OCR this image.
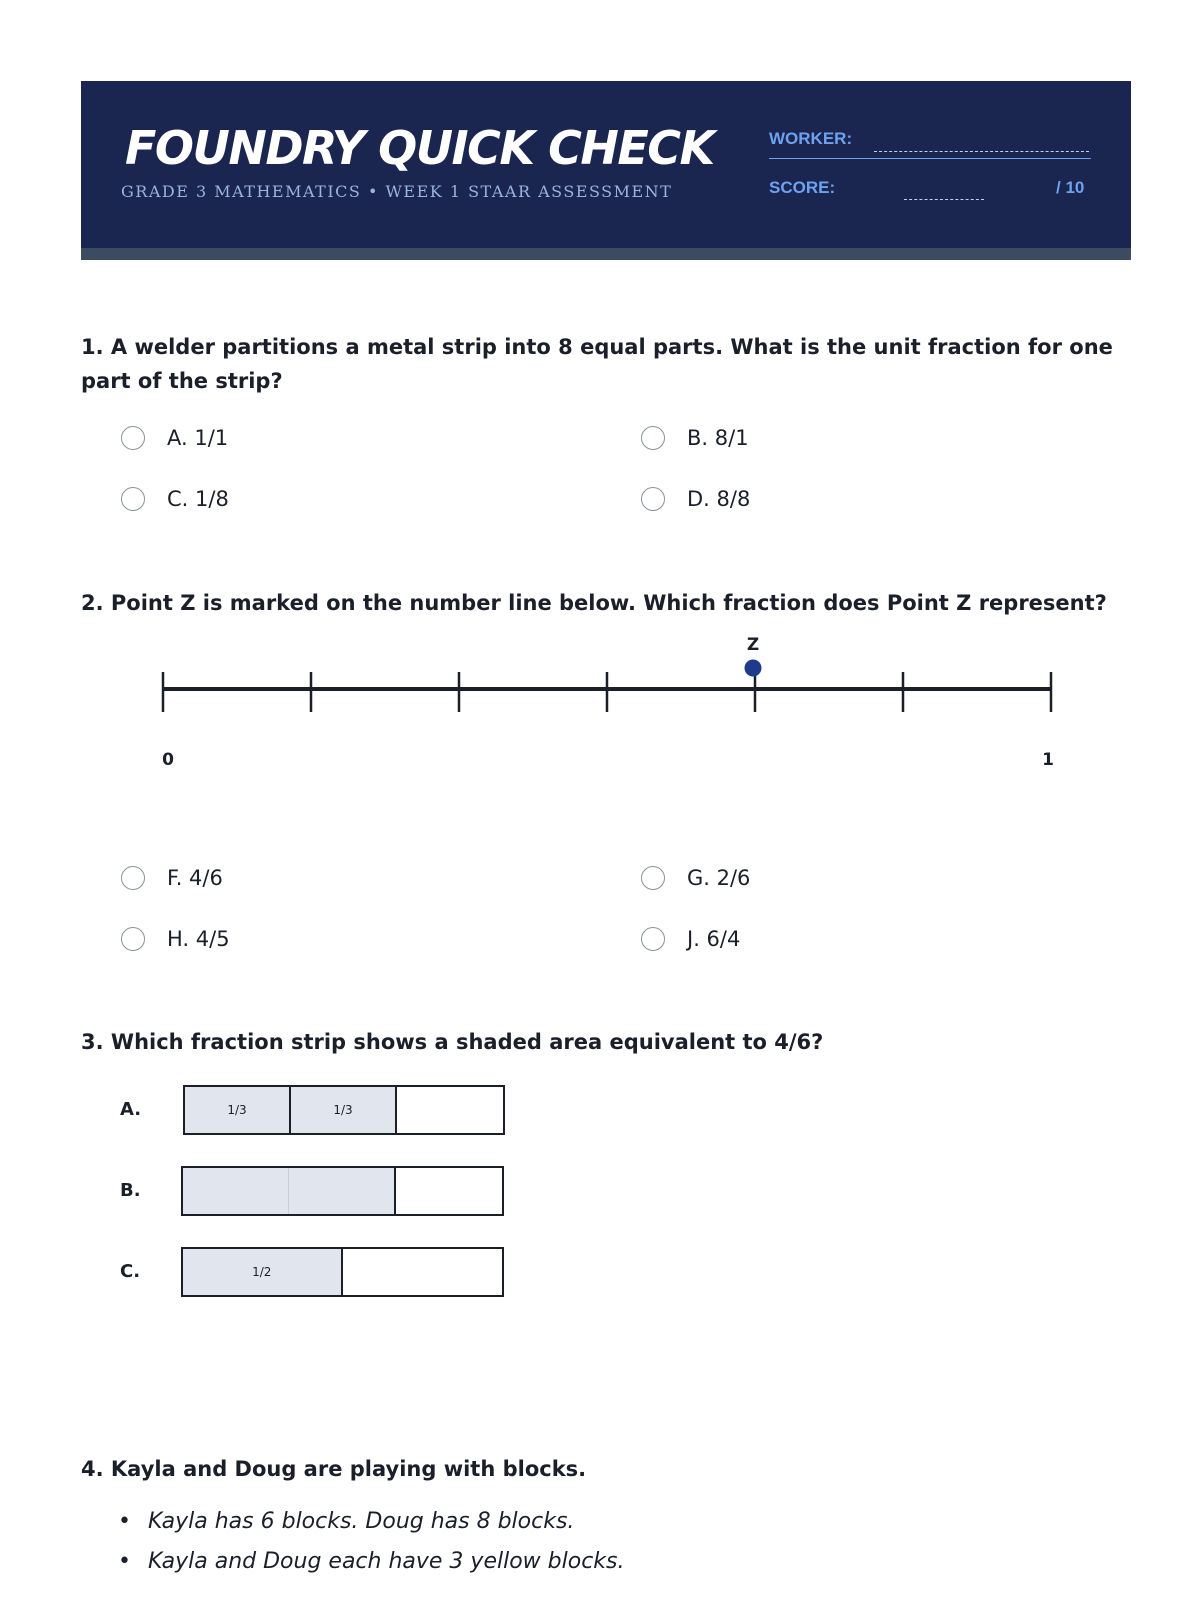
FOUNDRY QUICK CHECK
GRADE 3 MATHEMATICS • WEEK 1 STAAR ASSESSMENT
WORKER:
SCORE:	/ 10

1. A welder partitions a metal strip into 8 equal parts. What is the unit fraction for one part of the strip?

A. 1/1	B. 8/1
C. 1/8	D. 8/8

2. Point Z is marked on the number line below. Which fraction does Point Z represent?

0	1
Z
F. 4/6	G. 2/6
H. 4/5	J. 6/4

3. Which fraction strip shows a shaded area equivalent to 4/6?

A.	1/3	1/3
B.
C.	1/2

4. Kayla and Doug are playing with blocks.

• Kayla has 6 blocks. Doug has 8 blocks.
• Kayla and Doug each have 3 yellow blocks.
